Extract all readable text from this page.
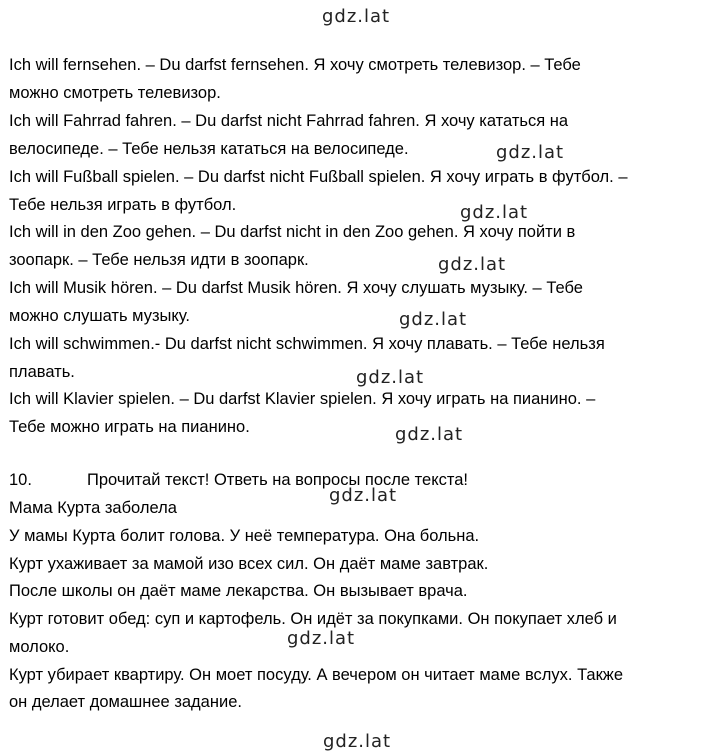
Ich will fernsehen. – Du darfst fernsehen. Я хочу смотреть телевизор. – Тебе
можно смотреть телевизор.
Ich will Fahrrad fahren. – Du darfst nicht Fahrrad fahren. Я хочу кататься на
велосипеде. – Тебе нельзя кататься на велосипеде.
Ich will Fußball spielen. – Du darfst nicht Fußball spielen. Я хочу играть в футбол. –
Тебе нельзя играть в футбол.
Ich will in den Zoo gehen. – Du darfst nicht in den Zoo gehen. Я хочу пойти в
зоопарк. – Тебе нельзя идти в зоопарк.
Ich will Musik hören. – Du darfst Musik hören. Я хочу слушать музыку. – Тебе
можно слушать музыку.
Ich will schwimmen.- Du darfst nicht schwimmen. Я хочу плавать. – Тебе нельзя
плавать.
Ich will Klavier spielen. – Du darfst Klavier spielen. Я хочу играть на пианино. –
Тебе можно играть на пианино.
10.	Прочитай текст! Ответь на вопросы после текста!
Мама Курта заболела
У мамы Курта болит голова. У неё температура. Она больна.
Курт ухаживает за мамой изо всех сил. Он даёт маме завтрак.
После школы он даёт маме лекарства. Он вызывает врача.
Курт готовит обед: суп и картофель. Он идёт за покупками. Он покупает хлеб и
молоко.
Курт убирает квартиру. Он моет посуду. А вечером он читает маме вслух. Также
он делает домашнее задание.
gdz.lat
gdz.lat
gdz.lat
gdz.lat
gdz.lat
gdz.lat
gdz.lat
gdz.lat
gdz.lat
gdz.lat
